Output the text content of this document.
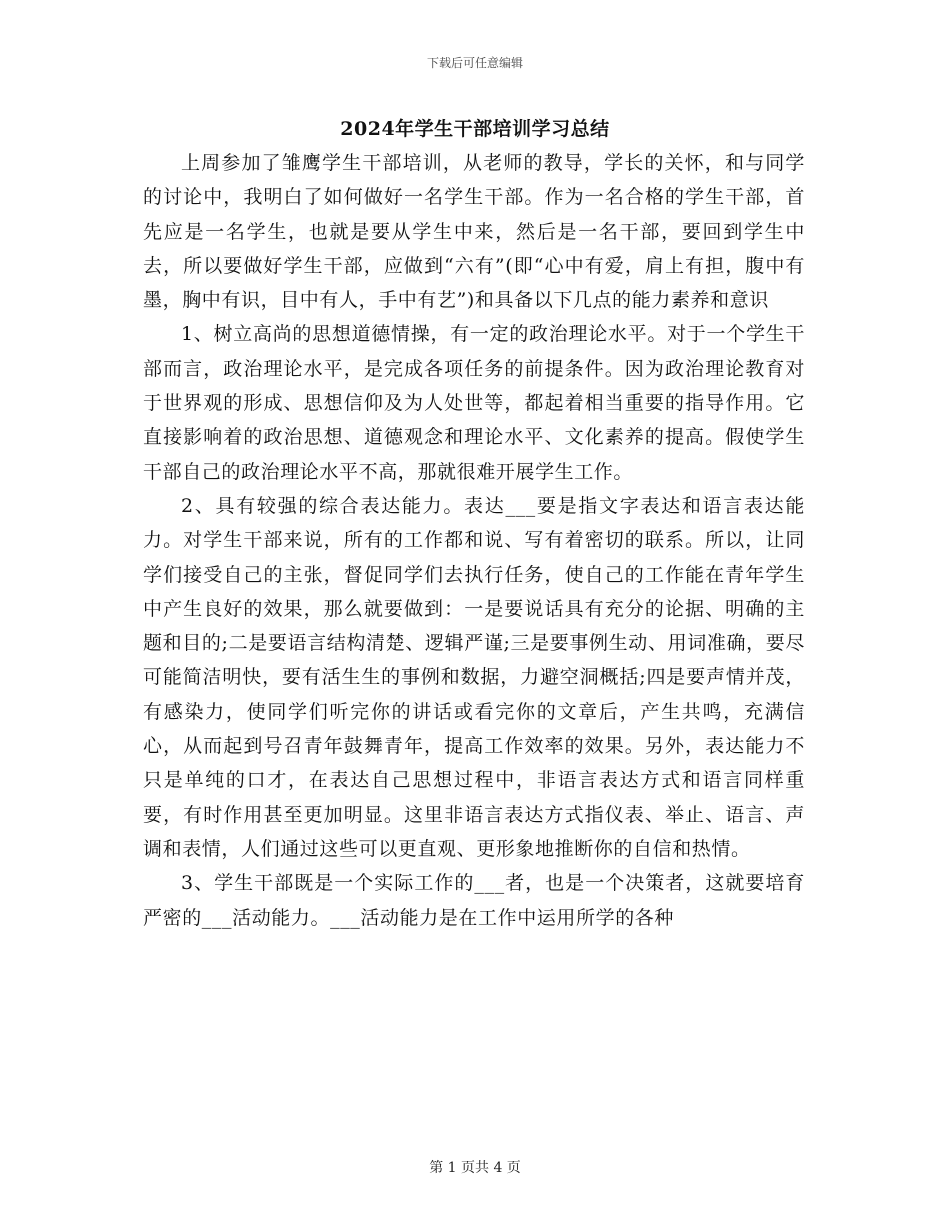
下载后可任意编辑
2024年学生干部培训学习总结

上周参加了雏鹰学生干部培训，从老师的教导，学长的关怀，和与同学的讨论中，我明白了如何做好一名学生干部。作为一名合格的学生干部，首先应是一名学生，也就是要从学生中来，然后是一名干部，要回到学生中去，所以要做好学生干部，应做到“六有”(即“心中有爱，肩上有担，腹中有墨，胸中有识，目中有人，手中有艺”)和具备以下几点的能力素养和意识

1、树立高尚的思想道德情操，有一定的政治理论水平。对于一个学生干部而言，政治理论水平，是完成各项任务的前提条件。因为政治理论教育对于世界观的形成、思想信仰及为人处世等，都起着相当重要的指导作用。它直接影响着的政治思想、道德观念和理论水平、文化素养的提高。假使学生干部自己的政治理论水平不高，那就很难开展学生工作。

2、具有较强的综合表达能力。表达___要是指文字表达和语言表达能力。对学生干部来说，所有的工作都和说、写有着密切的联系。所以，让同学们接受自己的主张，督促同学们去执行任务，使自己的工作能在青年学生中产生良好的效果，那么就要做到：一是要说话具有充分的论据、明确的主题和目的;二是要语言结构清楚、逻辑严谨;三是要事例生动、用词准确，要尽可能简洁明快，要有活生生的事例和数据，力避空洞概括;四是要声情并茂，有感染力，使同学们听完你的讲话或看完你的文章后，产生共鸣，充满信心，从而起到号召青年鼓舞青年，提高工作效率的效果。另外，表达能力不只是单纯的口才，在表达自己思想过程中，非语言表达方式和语言同样重要，有时作用甚至更加明显。这里非语言表达方式指仪表、举止、语言、声调和表情，人们通过这些可以更直观、更形象地推断你的自信和热情。

3、学生干部既是一个实际工作的___者，也是一个决策者，这就要培育严密的___活动能力。___活动能力是在工作中运用所学的各种

第 1 页共 4 页
